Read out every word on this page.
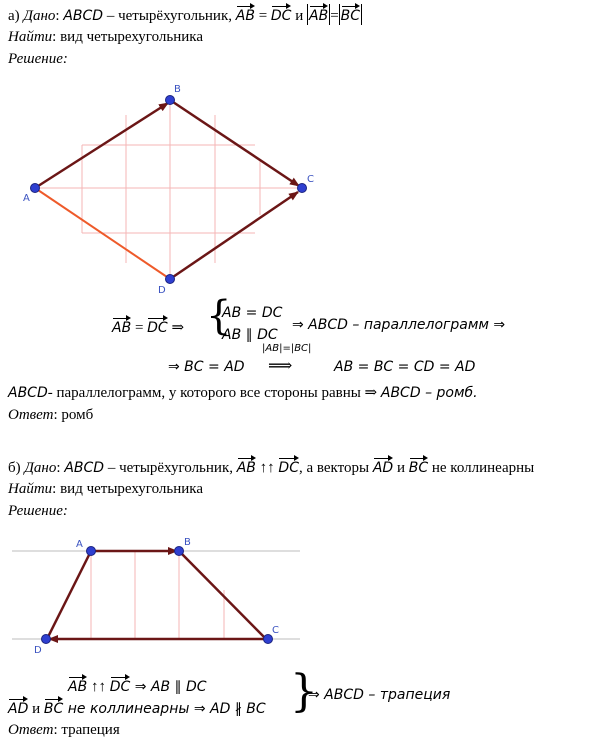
а) Дано: ABCD – четырёхугольник, AB = DC и AB = BC
Найти: вид четырехугольника
Решение:
A
B
C
D
AB = DC ⇒ {
AB = DC
AB ∥ DC
⇒ ABCD – параллелограмм ⇒
⇒ BC = AD
|AB|=|BC|
⟹	AB = BC = CD = AD
ABCD- параллелограмм, у которого все стороны равны ⇒ ABCD – ромб.
Ответ: ромб
б) Дано: ABCD – четырёхугольник, AB ↑↑ DC, а векторы AD и BC не коллинеарны
Найти: вид четырехугольника
Решение:
A	B
C
D
AB ↑↑ DC ⇒ AB ∥ DC
AD и BC не коллинеарны ⇒ AD ∦ BC }
⇒ ABCD – трапеция
Ответ: трапеция
